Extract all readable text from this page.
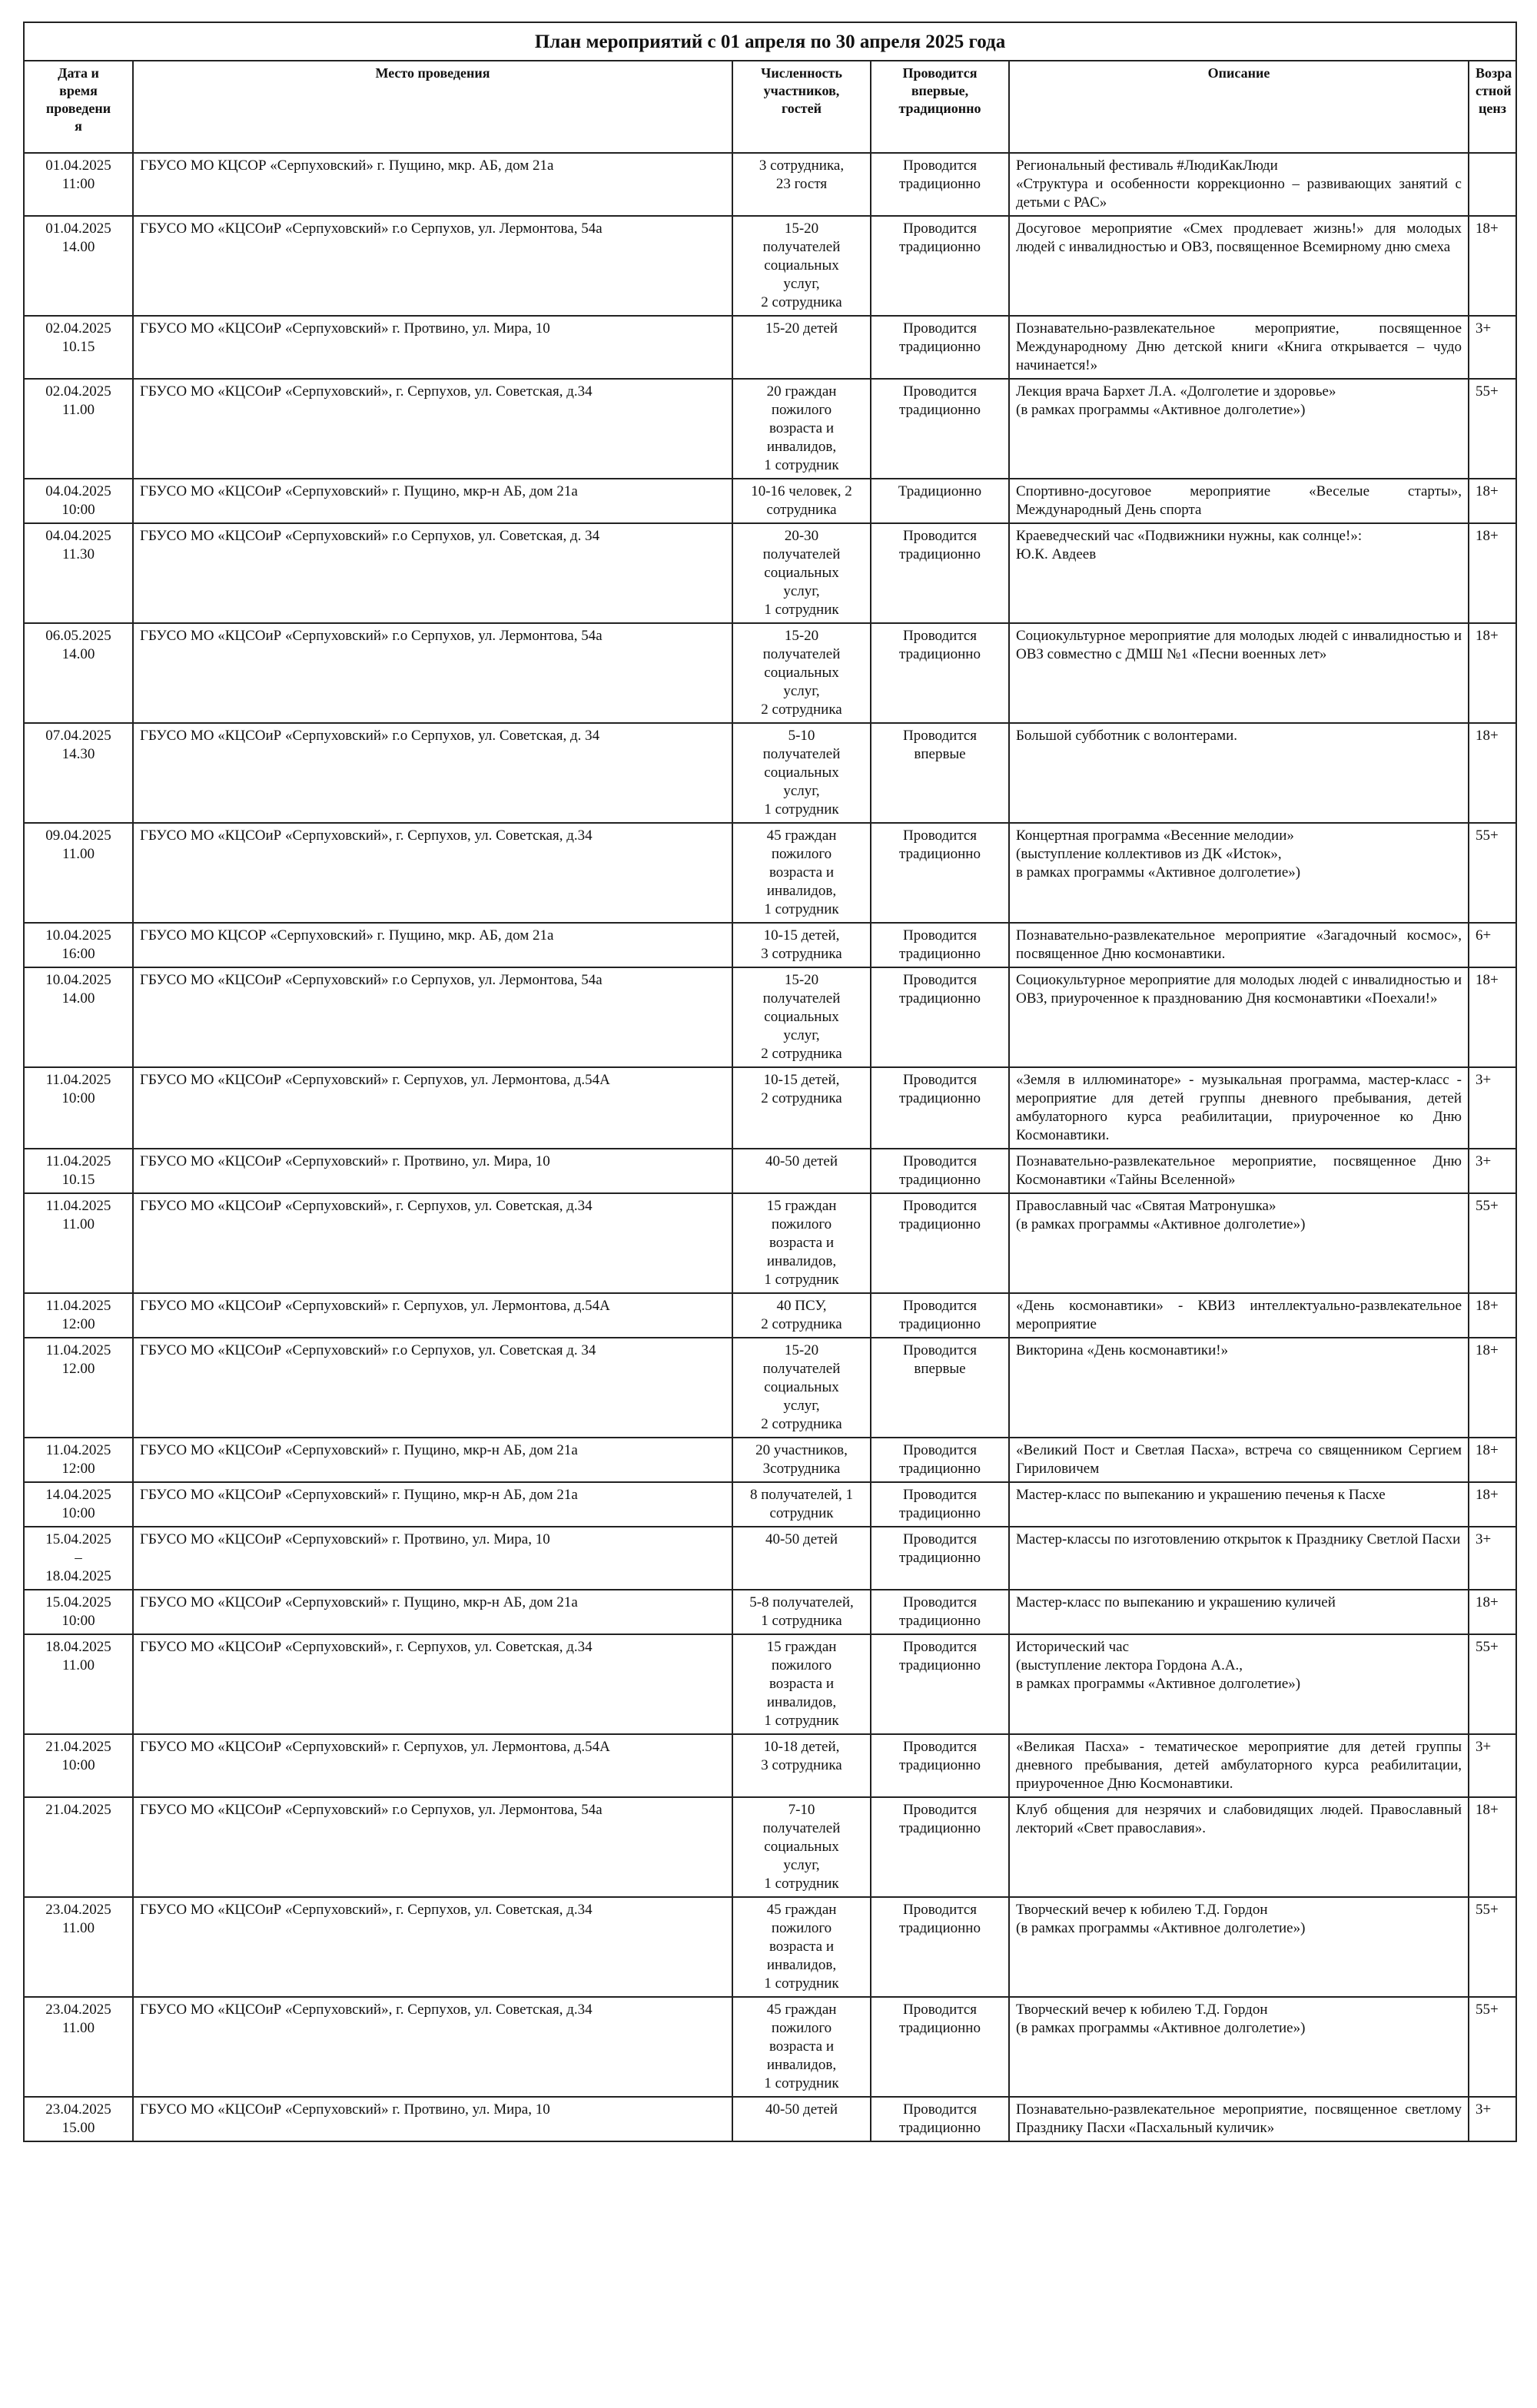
План мероприятий с 01 апреля по 30 апреля 2025 года					

Дата и
время
проведени
я	Место проведения	Численность
участников,
гостей	Проводится
впервые,
традиционно	Описание	Возра
стной
ценз

01.04.2025
11:00	ГБУСО МО КЦСОР «Серпуховский» г. Пущино, мкр. АБ, дом 21а	3 сотрудника,
23 гостя	Проводится
традиционно	Региональный фестиваль #ЛюдиКакЛюди
«Структура и особенности коррекционно – развивающих занятий с детьми с РАС»	

01.04.2025
14.00	ГБУСО МО «КЦСОиР «Серпуховский» г.о Серпухов, ул. Лермонтова, 54а	15-20
получателей
социальных
услуг,
2 сотрудника	Проводится
традиционно	Досуговое мероприятие «Смех продлевает жизнь!» для молодых людей с инвалидностью и ОВЗ, посвященное Всемирному дню смеха	18+

02.04.2025
10.15	ГБУСО МО «КЦСОиР «Серпуховский» г. Протвино, ул. Мира, 10	15-20 детей	Проводится
традиционно	Познавательно-развлекательное мероприятие, посвященное Международному Дню детской книги «Книга открывается – чудо начинается!»	3+

02.04.2025
11.00	ГБУСО МО «КЦСОиР «Серпуховский», г. Серпухов, ул. Советская, д.34	20 граждан
пожилого
возраста и
инвалидов,
1 сотрудник	Проводится
традиционно	Лекция врача Бархет Л.А. «Долголетие и здоровье»
(в рамках программы «Активное долголетие»)	55+

04.04.2025
10:00	ГБУСО МО «КЦСОиР «Серпуховский» г. Пущино, мкр-н АБ, дом 21а	10-16 человек, 2
сотрудника	Традиционно	Спортивно-досуговое мероприятие «Веселые старты», Международный День спорта	18+

04.04.2025
11.30	ГБУСО МО «КЦСОиР «Серпуховский» г.о Серпухов, ул. Советская, д. 34	20-30
получателей
социальных
услуг,
1 сотрудник	Проводится
традиционно	Краеведческий час «Подвижники нужны, как солнце!»:
Ю.К. Авдеев	18+

06.05.2025
14.00	ГБУСО МО «КЦСОиР «Серпуховский» г.о Серпухов, ул. Лермонтова, 54а	15-20
получателей
социальных
услуг,
2 сотрудника	Проводится
традиционно	Социокультурное мероприятие для молодых людей с инвалидностью и ОВЗ совместно с ДМШ №1 «Песни военных лет»	18+

07.04.2025
14.30	ГБУСО МО «КЦСОиР «Серпуховский» г.о Серпухов, ул. Советская, д. 34	5-10
получателей
социальных
услуг,
1 сотрудник	Проводится
впервые	Большой субботник с волонтерами.	18+

09.04.2025
11.00	ГБУСО МО «КЦСОиР «Серпуховский», г. Серпухов, ул. Советская, д.34	45 граждан
пожилого
возраста и
инвалидов,
1 сотрудник	Проводится
традиционно	Концертная программа «Весенние мелодии»
(выступление коллективов из ДК «Исток»,
в рамках программы «Активное долголетие»)	55+

10.04.2025
16:00	ГБУСО МО КЦСОР «Серпуховский» г. Пущино, мкр. АБ, дом 21а	10-15 детей,
3 сотрудника	Проводится
традиционно	Познавательно-развлекательное мероприятие «Загадочный космос», посвященное Дню космонавтики.	6+

10.04.2025
14.00	ГБУСО МО «КЦСОиР «Серпуховский» г.о Серпухов, ул. Лермонтова, 54а	15-20
получателей
социальных
услуг,
2 сотрудника	Проводится
традиционно	Социокультурное мероприятие для молодых людей с инвалидностью и ОВЗ, приуроченное к празднованию Дня космонавтики «Поехали!»	18+

11.04.2025
10:00	ГБУСО МО «КЦСОиР «Серпуховский» г. Серпухов, ул. Лермонтова, д.54А	10-15 детей,
2 сотрудника	Проводится
традиционно	«Земля в иллюминаторе» - музыкальная программа, мастер-класс - мероприятие для детей группы дневного пребывания, детей амбулаторного курса реабилитации, приуроченное ко Дню Космонавтики.	3+

11.04.2025
10.15	ГБУСО МО «КЦСОиР «Серпуховский» г. Протвино, ул. Мира, 10	40-50 детей	Проводится
традиционно	Познавательно-развлекательное мероприятие, посвященное Дню Космонавтики «Тайны Вселенной»	3+

11.04.2025
11.00	ГБУСО МО «КЦСОиР «Серпуховский», г. Серпухов, ул. Советская, д.34	15 граждан
пожилого
возраста и
инвалидов,
1 сотрудник	Проводится
традиционно	Православный час «Святая Матронушка»
(в рамках программы «Активное долголетие»)	55+

11.04.2025
12:00	ГБУСО МО «КЦСОиР «Серпуховский» г. Серпухов, ул. Лермонтова, д.54А	40 ПСУ,
2 сотрудника	Проводится
традиционно	«День космонавтики» - КВИЗ интеллектуально-развлекательное мероприятие	18+

11.04.2025
12.00	ГБУСО МО «КЦСОиР «Серпуховский» г.о Серпухов, ул. Советская д. 34	15-20
получателей
социальных
услуг,
2 сотрудника	Проводится
впервые	Викторина «День космонавтики!»	18+

11.04.2025
12:00	ГБУСО МО «КЦСОиР «Серпуховский» г. Пущино, мкр-н АБ, дом 21а	20 участников,
3сотрудника	Проводится
традиционно	«Великий Пост и Светлая Пасха», встреча со священником Сергием Гириловичем	18+

14.04.2025
10:00	ГБУСО МО «КЦСОиР «Серпуховский» г. Пущино, мкр-н АБ, дом 21а	8 получателей, 1
сотрудник	Проводится
традиционно	Мастер-класс по выпеканию и украшению печенья к Пасхе	18+

15.04.2025
–
18.04.2025	ГБУСО МО «КЦСОиР «Серпуховский» г. Протвино, ул. Мира, 10	40-50 детей	Проводится
традиционно	Мастер-классы по изготовлению открыток к Празднику Светлой Пасхи	3+

15.04.2025
10:00	ГБУСО МО «КЦСОиР «Серпуховский» г. Пущино, мкр-н АБ, дом 21а	5-8 получателей,
1 сотрудника	Проводится
традиционно	Мастер-класс по выпеканию и украшению куличей	18+

18.04.2025
11.00	ГБУСО МО «КЦСОиР «Серпуховский», г. Серпухов, ул. Советская, д.34	15 граждан
пожилого
возраста и
инвалидов,
1 сотрудник	Проводится
традиционно	Исторический час
(выступление лектора Гордона А.А.,
в рамках программы «Активное долголетие»)	55+

21.04.2025
10:00	ГБУСО МО «КЦСОиР «Серпуховский» г. Серпухов, ул. Лермонтова, д.54А	10-18 детей,
3 сотрудника	Проводится
традиционно	«Великая Пасха» - тематическое мероприятие для детей группы дневного пребывания, детей амбулаторного курса реабилитации, приуроченное Дню Космонавтики.	3+

21.04.2025	ГБУСО МО «КЦСОиР «Серпуховский» г.о Серпухов, ул. Лермонтова, 54а	7-10
получателей
социальных
услуг,
1 сотрудник	Проводится
традиционно	Клуб общения для незрячих и слабовидящих людей. Православный лекторий «Свет православия».	18+

23.04.2025
11.00	ГБУСО МО «КЦСОиР «Серпуховский», г. Серпухов, ул. Советская, д.34	45 граждан
пожилого
возраста и
инвалидов,
1 сотрудник	Проводится
традиционно	Творческий вечер к юбилею Т.Д. Гордон
(в рамках программы «Активное долголетие»)	55+

23.04.2025
11.00	ГБУСО МО «КЦСОиР «Серпуховский», г. Серпухов, ул. Советская, д.34	45 граждан
пожилого
возраста и
инвалидов,
1 сотрудник	Проводится
традиционно	Творческий вечер к юбилею Т.Д. Гордон
(в рамках программы «Активное долголетие»)	55+

23.04.2025
15.00	ГБУСО МО «КЦСОиР «Серпуховский» г. Протвино, ул. Мира, 10	40-50 детей	Проводится
традиционно	Познавательно-развлекательное мероприятие, посвященное светлому Празднику Пасхи «Пасхальный куличик»	3+
